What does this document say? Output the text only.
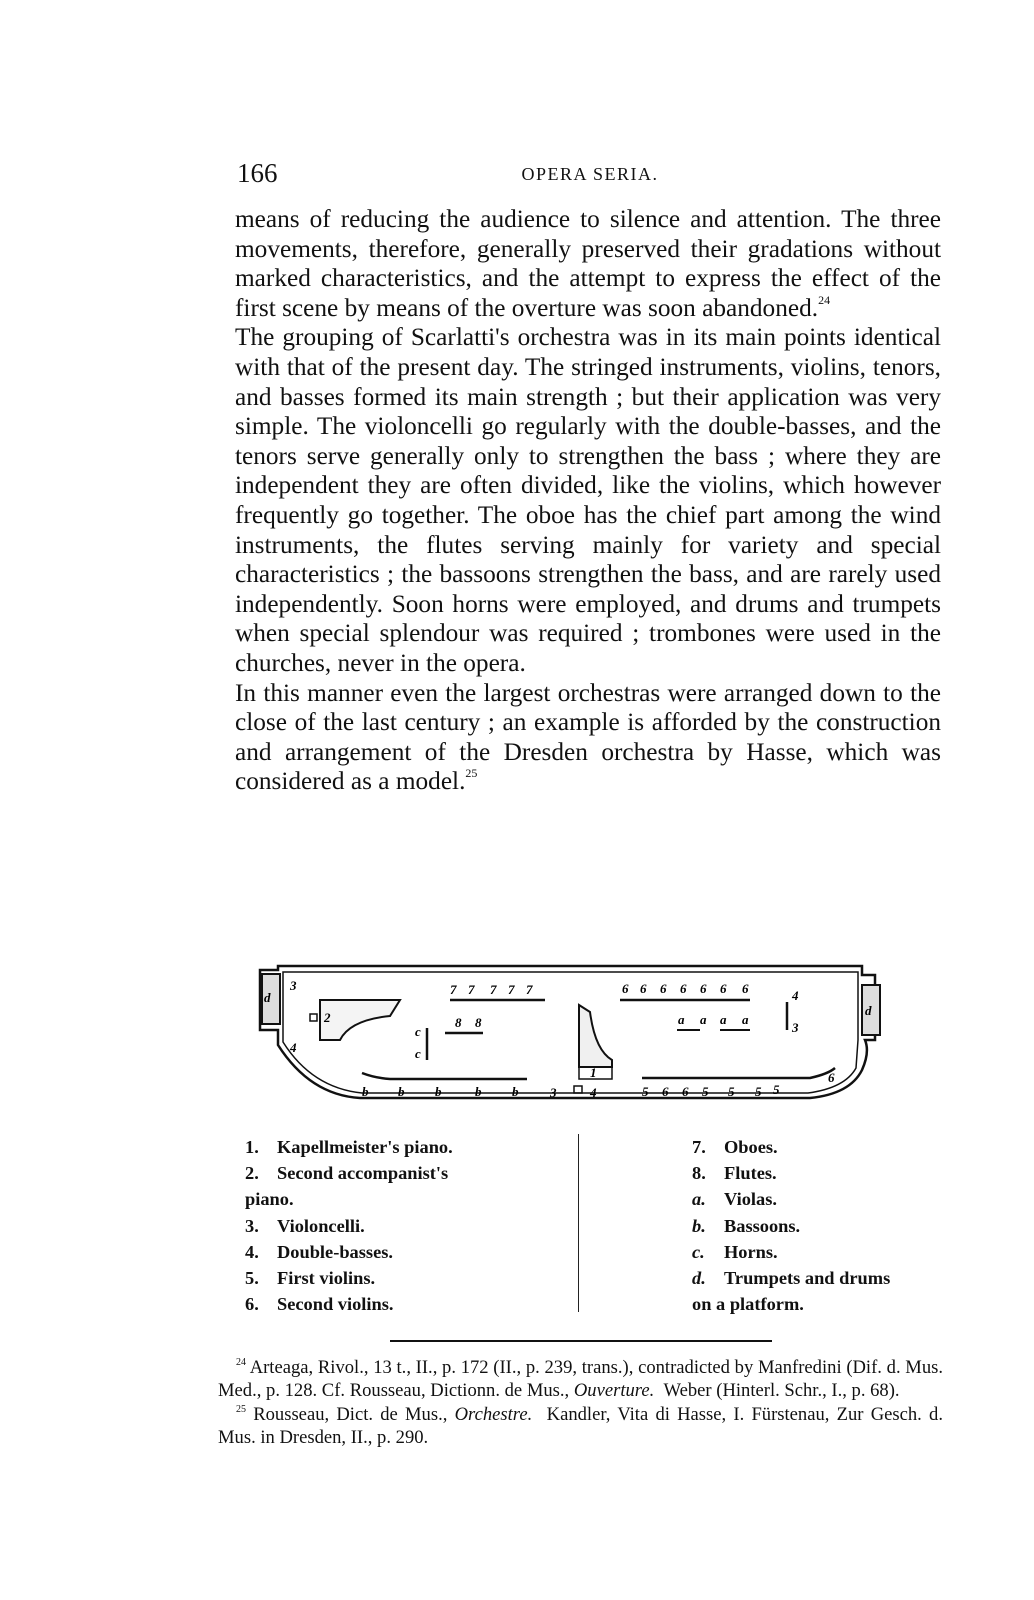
166	OPERA SERIA.

means of reducing the audience to silence and attention. The three movements, therefore, generally preserved their gradations without marked characteristics, and the attempt to express the effect of the first scene by means of the overture was soon abandoned.$^{24}$

The grouping of Scarlatti's orchestra was in its main points identical with that of the present day. The stringed instruments, violins, tenors, and basses formed its main strength ; but their application was very simple. The violoncelli go regularly with the double-basses, and the tenors serve generally only to strengthen the bass ; where they are independent they are often divided, like the violins, which however frequently go together. The oboe has the chief part among the wind instruments, the flutes serving mainly for variety and special characteristics ; the bassoons strengthen the bass, and are rarely used independently. Soon horns were employed, and drums and trumpets when special splendour was required ; trombones were used in the churches, never in the opera.

In this manner even the largest orchestras were arranged down to the close of the last century ; an example is afforded by the construction and arrangement of the Dresden orchestra by Hasse, which was considered as a model.$^{25}$

d
d
3
4
2
7 7 7 7 7
8 8
c
c
b b b	b b
1
3	4
6 6 6 6 6 6 6
a a a a
4
3
5 6 6 5 5 5 5
6
1. Kapellmeister's piano.
2. Second accompanist's
piano.
3. Violoncelli.
4. Double-basses.
5. First violins.
6. Second violins.
7. Oboes.
8. Flutes.
a. Violas.
b. Bassoons.
c. Horns.
d. Trumpets and drums
on a platform.

$^{24}$ Arteaga, Rivol., 13 t., II., p. 172 (II., p. 239, trans.), contradicted by Manfredini (Dif. d. Mus. Med., p. 128. Cf. Rousseau, Dictionn. de Mus., Ouverture. Weber (Hinterl. Schr., I., p. 68).

$^{25}$ Rousseau, Dict. de Mus., Orchestre. Kandler, Vita di Hasse, I. Fürstenau, Zur Gesch. d. Mus. in Dresden, II., p. 290.
